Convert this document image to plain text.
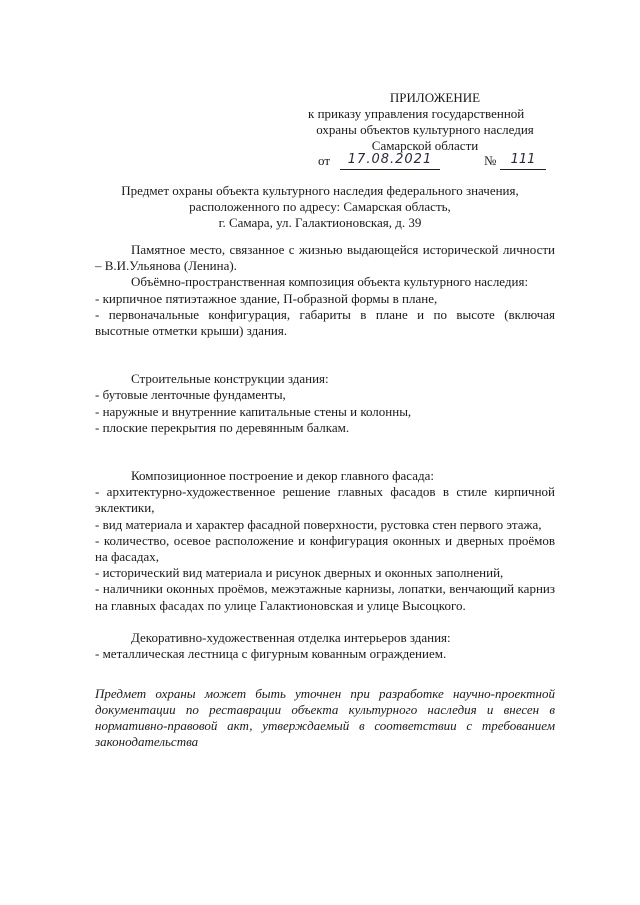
ПРИЛОЖЕНИЕ
к приказу управления государственной
охраны объектов культурного наследия
Самарской области
от	17.08.2021	№	111
Предмет охраны объекта культурного наследия федерального значения,
расположенного по адресу: Самарская область,
г. Самара, ул. Галактионовская, д. 39

Памятное место, связанное с жизнью выдающейся исторической личности – В.И.Ульянова (Ленина).

Объёмно-пространственная композиция объекта культурного наследия:

- кирпичное пятиэтажное здание, П-образной формы в плане,

- первоначальные конфигурация, габариты в плане и по высоте (включая высотные отметки крыши) здания.

Строительные конструкции здания:

- бутовые ленточные фундаменты,

- наружные и внутренние капитальные стены и колонны,

- плоские перекрытия по деревянным балкам.

Композиционное построение и декор главного фасада:

- архитектурно-художественное решение главных фасадов в стиле кирпичной эклектики,

- вид материала и характер фасадной поверхности, рустовка стен первого этажа,

- количество, осевое расположение и конфигурация оконных и дверных проёмов на фасадах,

- исторический вид материала и рисунок дверных и оконных заполнений,

- наличники оконных проёмов, межэтажные карнизы, лопатки, венчающий карниз на главных фасадах по улице Галактионовская и улице Высоцкого.

Декоративно-художественная отделка интерьеров здания:

- металлическая лестница с фигурным кованным ограждением.

Предмет охраны может быть уточнен при разработке научно-проектной документации по реставрации объекта культурного наследия и внесен в нормативно-правовой акт, утверждаемый в соответствии с требованием законодательства
